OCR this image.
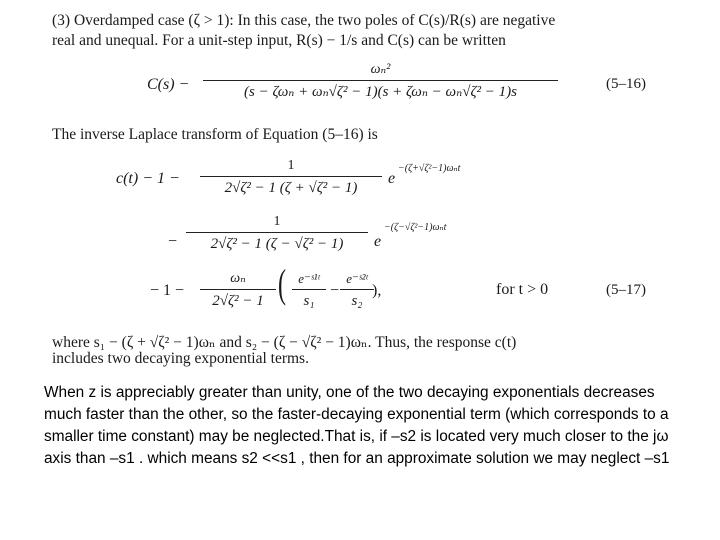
(3) Overdamped case (ζ > 1): In this case, the two poles of C(s)/R(s) are negative
real and unequal. For a unit-step input, R(s) − 1/s and C(s) can be written
C(s) −
ωₙ²
(s − ζωₙ + ωₙ√ζ² − 1)(s + ζωₙ − ωₙ√ζ² − 1)s	(5–16)
The inverse Laplace transform of Equation (5–16) is
c(t) − 1 −
1
2√ζ² − 1 (ζ + √ζ² − 1)
e
−(ζ+√ζ²−1)ωₙt
−
1
2√ζ² − 1 (ζ − √ζ² − 1) e
−(ζ−√ζ²−1)ωₙt
− 1 −
ωₙ
2√ζ² − 1 ( e⁻ˢ¹ᵗ
s₁
−
e⁻ˢ²ᵗ
s₂
),	for t > 0	(5–17)
where s₁ − (ζ + √ζ² − 1)ωₙ and s₂ − (ζ − √ζ² − 1)ωₙ. Thus, the response c(t)
includes two decaying exponential terms.
When z is appreciably greater than unity, one of the two decaying exponentials decreases much faster than the other, so the faster-decaying exponential term (which corresponds to a smaller time constant) may be neglected.That is, if –s2 is located very much closer to the jω axis than –s1 . which means s2 <<s1 , then for an approximate solution we may neglect –s1
